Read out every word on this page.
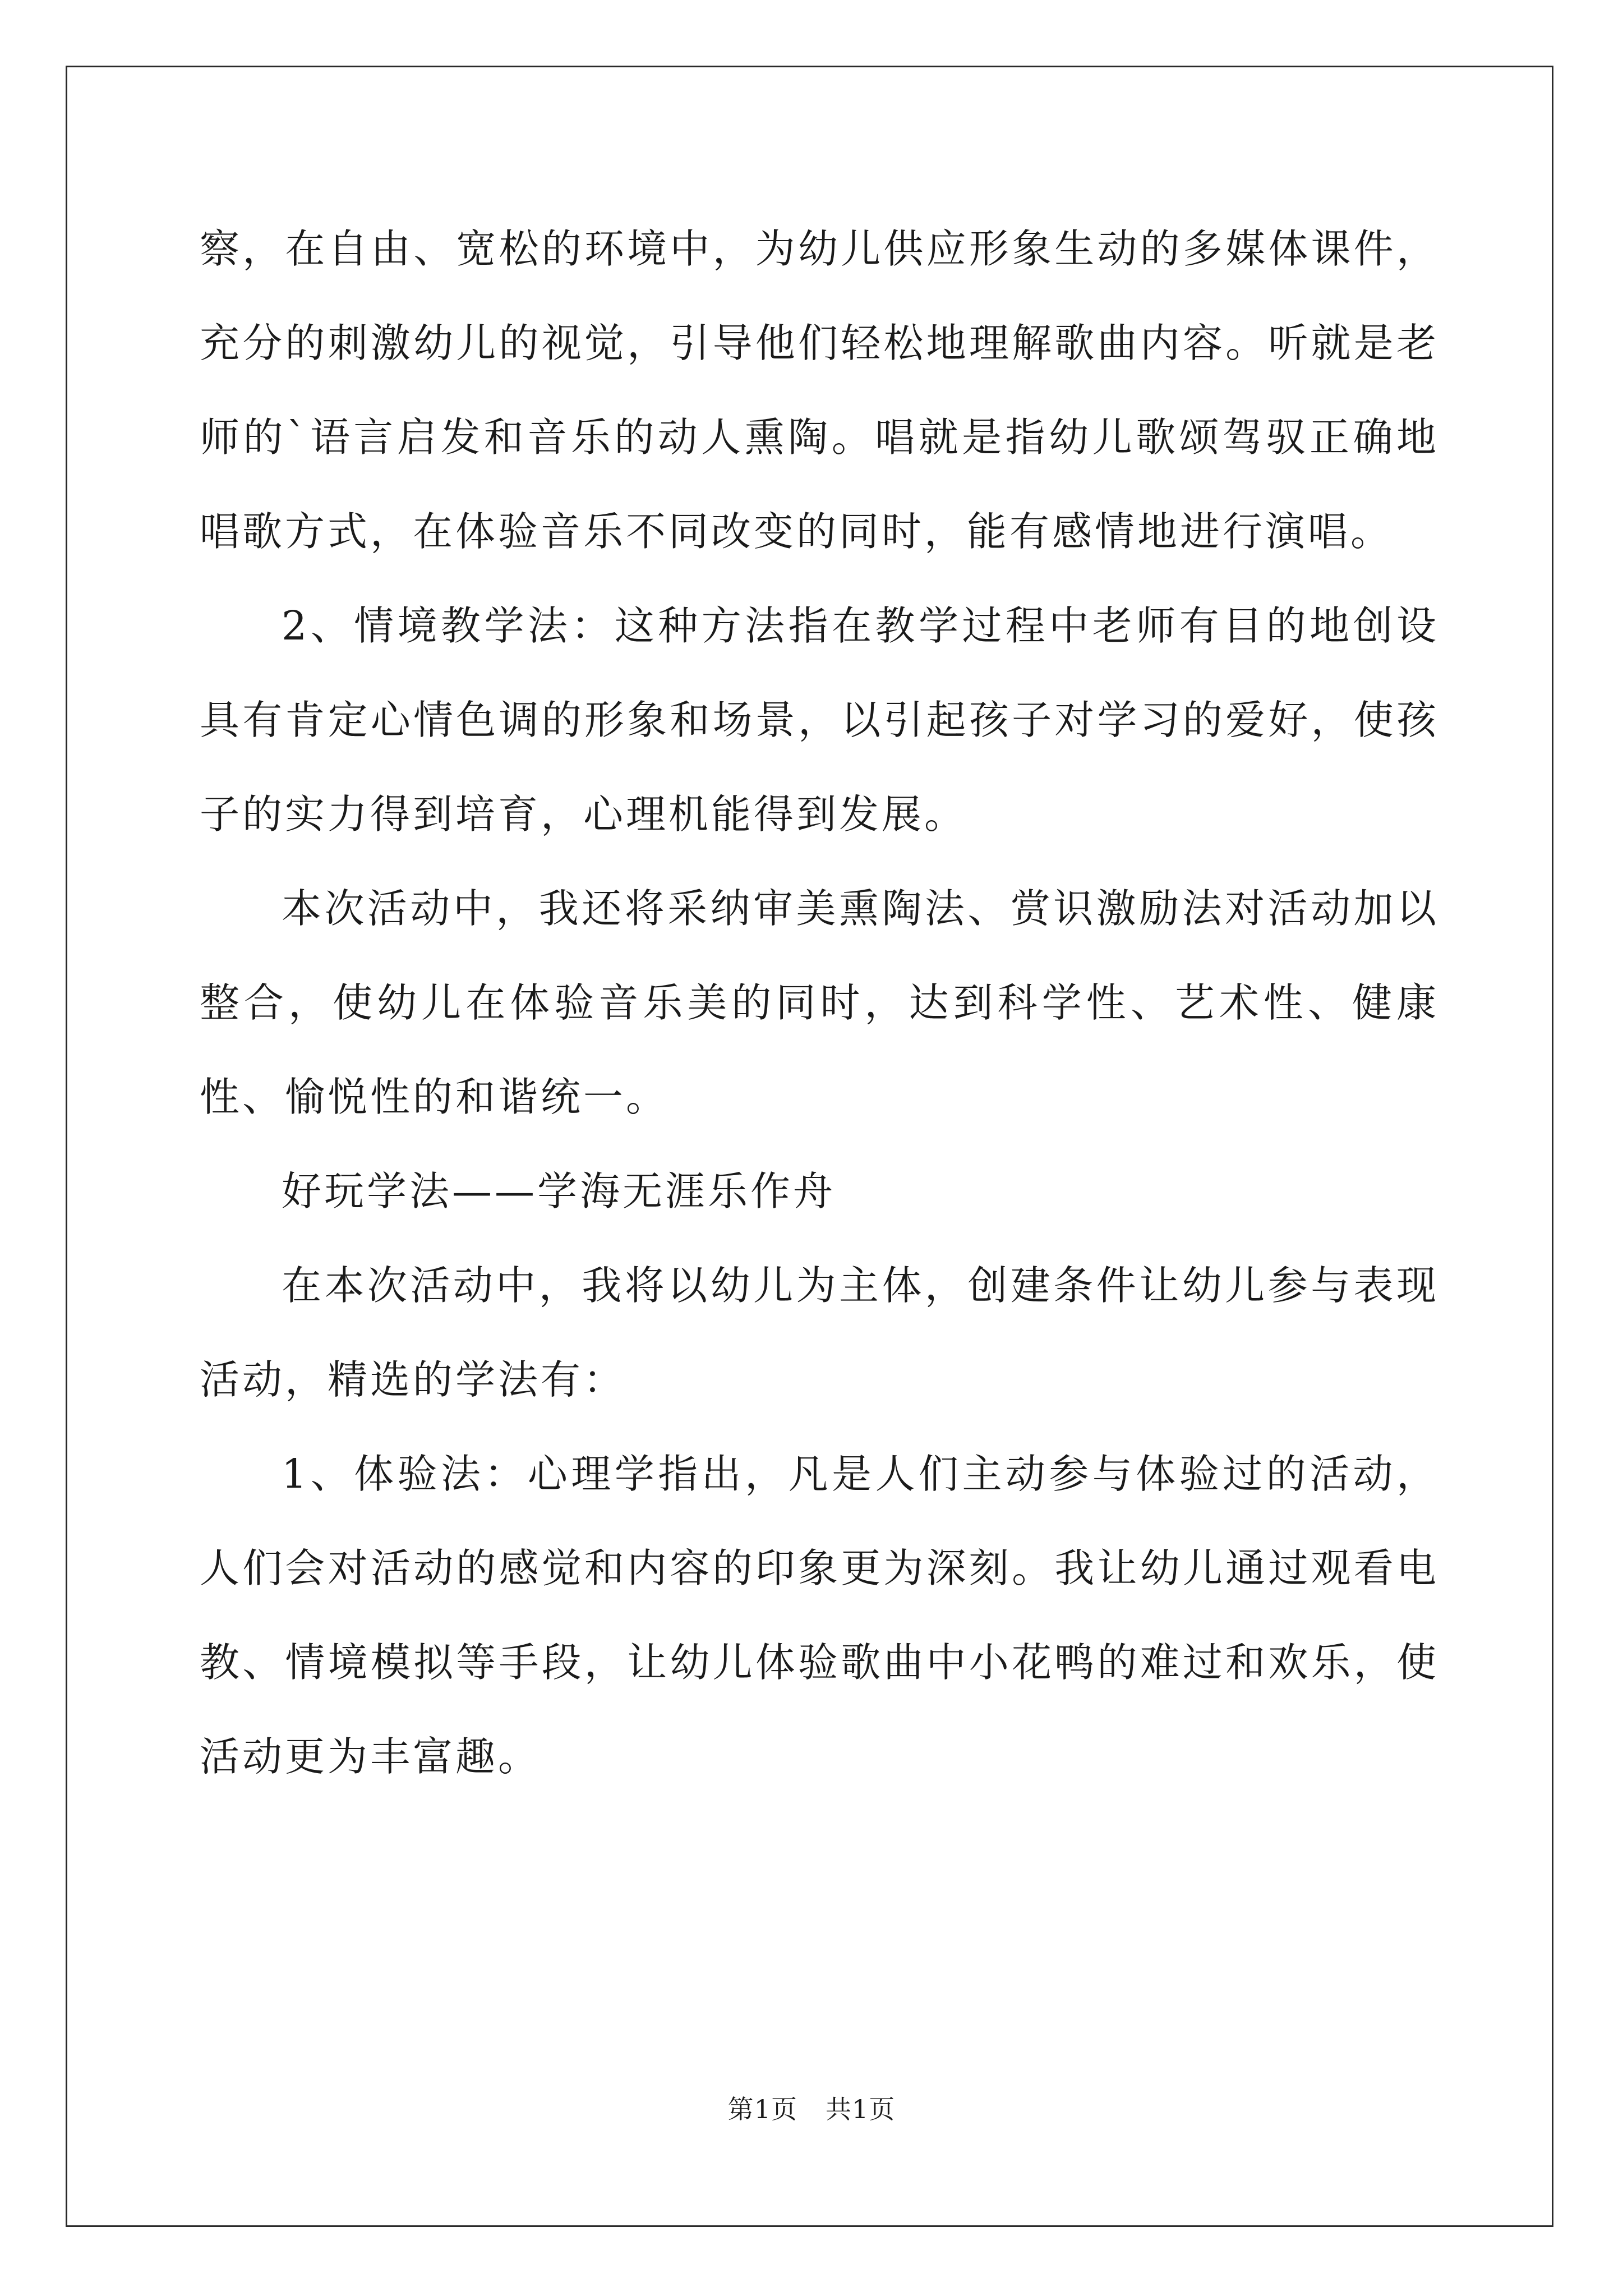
察，在自由、宽松的环境中，为幼儿供应形象生动的多媒体课件，充分的刺激幼儿的视觉，引导他们轻松地理解歌曲内容。听就是老师的`语言启发和音乐的动人熏陶。唱就是指幼儿歌颂驾驭正确地唱歌方式，在体验音乐不同改变的同时，能有感情地进行演唱。

2、情境教学法：这种方法指在教学过程中老师有目的地创设具有肯定心情色调的形象和场景，以引起孩子对学习的爱好，使孩子的实力得到培育，心理机能得到发展。

本次活动中，我还将采纳审美熏陶法、赏识激励法对活动加以整合，使幼儿在体验音乐美的同时，达到科学性、艺术性、健康性、愉悦性的和谐统一。

好玩学法——学海无涯乐作舟

在本次活动中，我将以幼儿为主体，创建条件让幼儿参与表现活动，精选的学法有：

1、体验法：心理学指出，凡是人们主动参与体验过的活动，人们会对活动的感觉和内容的印象更为深刻。我让幼儿通过观看电教、情境模拟等手段，让幼儿体验歌曲中小花鸭的难过和欢乐，使活动更为丰富趣。

第1页 共1页
